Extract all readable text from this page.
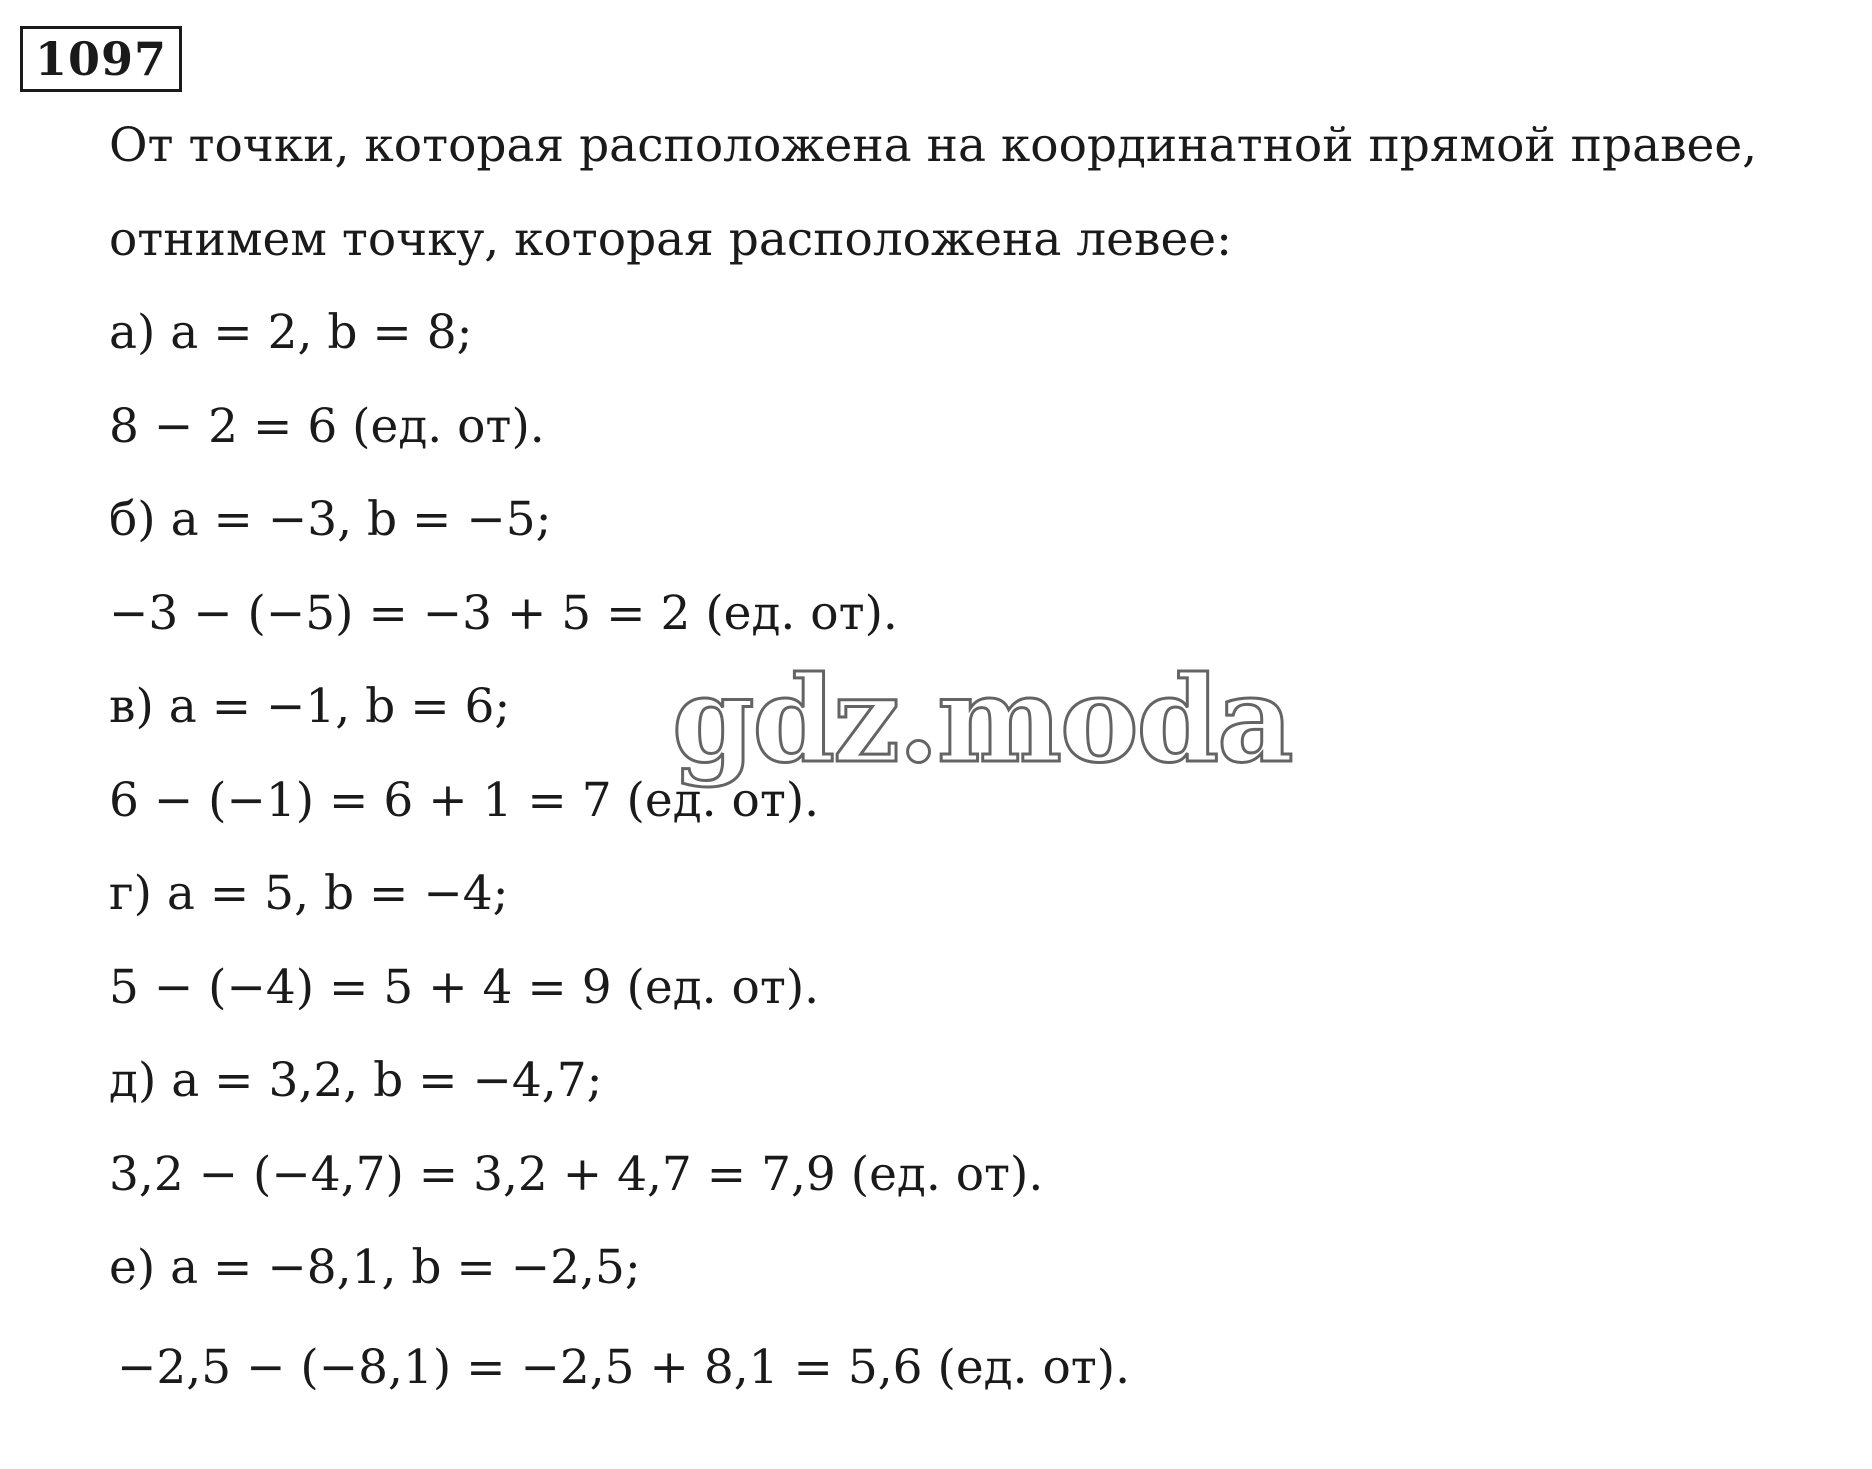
1097
От точки, которая расположена на координатной прямой правее,
отнимем точку, которая расположена левее:
а) a = 2, b = 8;
8 − 2 = 6 (ед. от).
б) a = −3, b = −5;
−3 − (−5) = −3 + 5 = 2 (ед. от).
в) a = −1, b = 6;
6 − (−1) = 6 + 1 = 7 (ед. от).
г) a = 5, b = −4;
5 − (−4) = 5 + 4 = 9 (ед. от).
д) a = 3,2, b = −4,7;
3,2 − (−4,7) = 3,2 + 4,7 = 7,9 (ед. от).
е) a = −8,1, b = −2,5;
−2,5 − (−8,1) = −2,5 + 8,1 = 5,6 (ед. от).
gdz.moda
